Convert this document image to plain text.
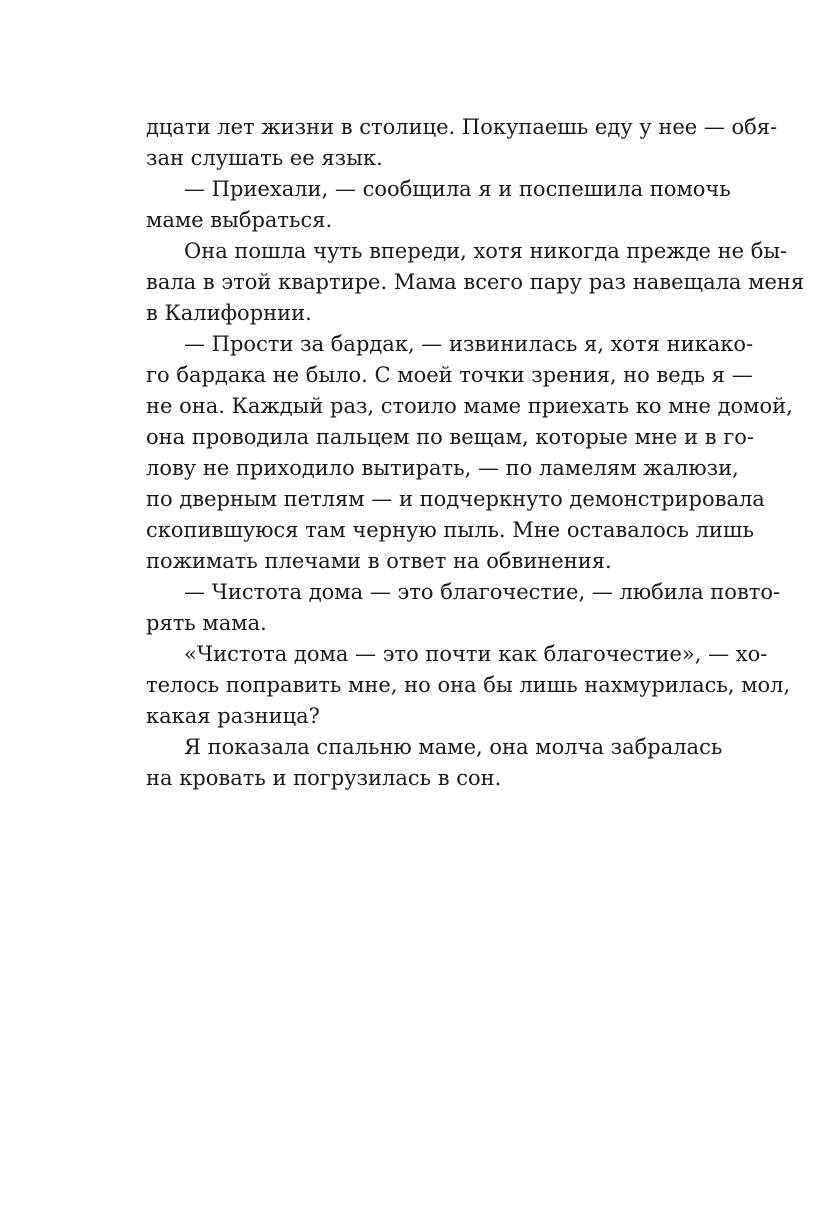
дцати лет жизни в столице. Покупаешь еду у нее — обя-
зан слушать ее язык.
— Приехали, — сообщила я и поспешила помочь
маме выбраться.
Она пошла чуть впереди, хотя никогда прежде не бы-
вала в этой квартире. Мама всего пару раз навещала меня
в Калифорнии.
— Прости за бардак, — извинилась я, хотя никако-
го бардака не было. С моей точки зрения, но ведь я —
не она. Каждый раз, стоило маме приехать ко мне домой,
она проводила пальцем по вещам, которые мне и в го-
лову не приходило вытирать, — по ламелям жалюзи,
по дверным петлям — и подчеркнуто демонстрировала
скопившуюся там черную пыль. Мне оставалось лишь
пожимать плечами в ответ на обвинения.
— Чистота дома — это благочестие, — любила повто-
рять мама.
«Чистота дома — это почти как благочестие», — хо-
телось поправить мне, но она бы лишь нахмурилась, мол,
какая разница?
Я показала спальню маме, она молча забралась
на кровать и погрузилась в сон.
